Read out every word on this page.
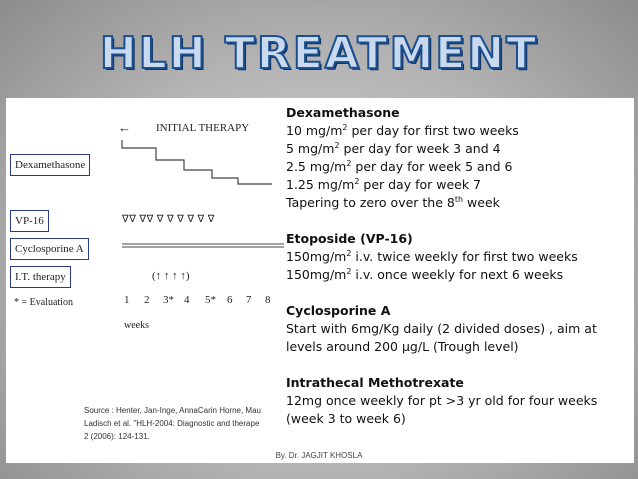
HLH TREATMENT
← INITIAL THERAPY
Dexamethasone
VP-16
Cyclosporine A
I.T. therapy
* = Evaluation
∇∇ ∇∇ ∇ ∇ ∇ ∇ ∇ ∇
(↑ ↑ ↑ ↑)
1 2 3* 4 5* 6 7 8
weeks
Source : Henter, Jan-Inge, AnnaCarin Horne, Mau
Ladisch et al. "HLH-2004: Diagnostic and therape
2 (2006): 124-131.
Dexamethasone
10 $mg/m^2$ per day for first two weeks
5 $mg/m^2$ per day for week 3 and 4
2.5 $mg/m^2$ per day for week 5 and 6
1.25 $mg/m^2$ per day for week 7
Tapering to zero over the 8th week
Etoposide (VP-16)
$150mg/m^2$ i.v. twice weekly for first two weeks
$150mg/m^2$ i.v. once weekly for next 6 weeks
Cyclosporine A
Start with 6mg/Kg daily (2 divided doses) , aim at
levels around 200 µg/L (Trough level)
Intrathecal Methotrexate
12mg once weekly for pt >3 yr old for four weeks
(week 3 to week 6)
By. Dr. JAGJIT KHOSLA
